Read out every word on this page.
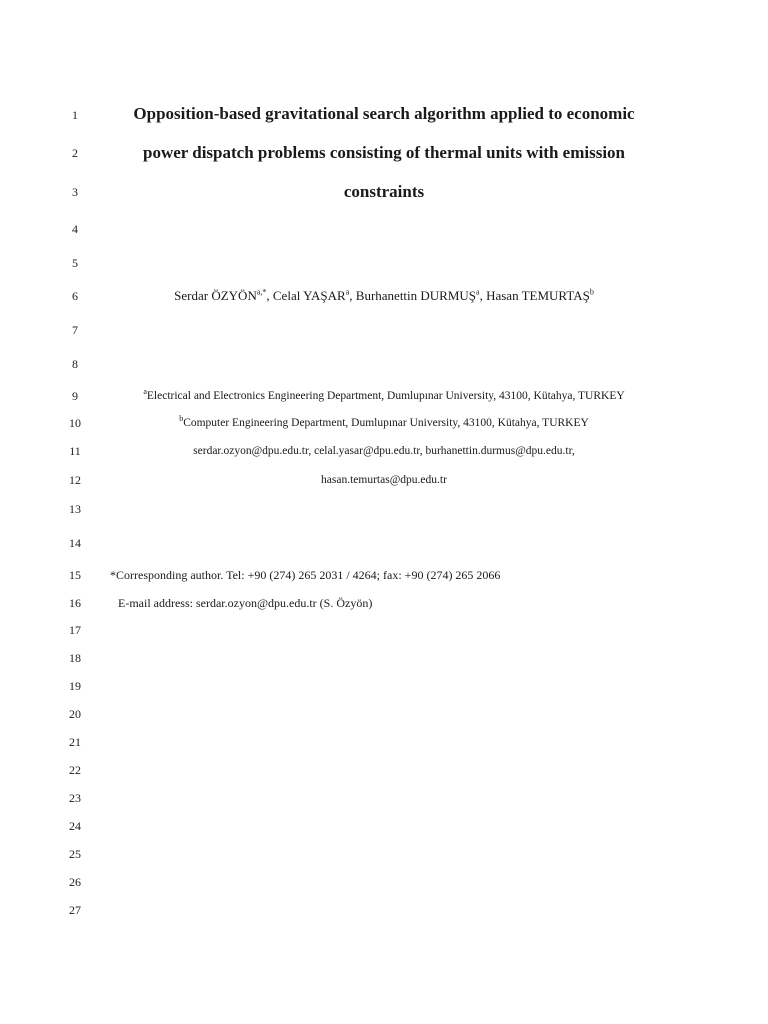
1
2
3
4
5
6
7
8
9
10
11
12
13
14
15
16
17
18
19
20
21
22
23
24
25
26
27
Opposition-based gravitational search algorithm applied to economic
power dispatch problems consisting of thermal units with emission
constraints
Serdar $ÖZYÖN^{a,*}$, Celal YAŞAR$^a$, Burhanettin DURMUŞ$^a$, Hasan TEMURTAŞ$^b$
$^a$Electrical and Electronics Engineering Department, Dumlupınar University, 43100, Kütahya, TURKEY
$^b$Computer Engineering Department, Dumlupınar University, 43100, Kütahya, TURKEY
serdar.ozyon@dpu.edu.tr, celal.yasar@dpu.edu.tr, burhanettin.durmus@dpu.edu.tr,
hasan.temurtas@dpu.edu.tr
*Corresponding author. Tel: +90 (274) 265 2031 / 4264; fax: +90 (274) 265 2066
E-mail address: serdar.ozyon@dpu.edu.tr (S. Özyön)
